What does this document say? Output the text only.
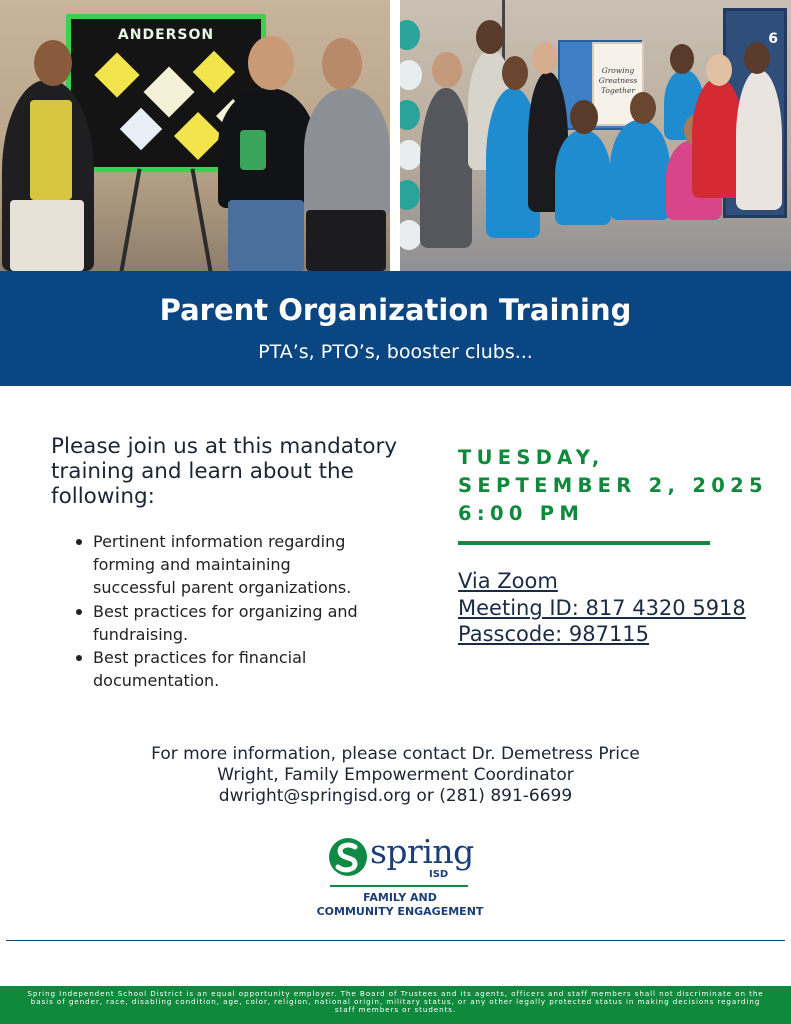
ANDERSON
Growing Greatness Together
6
Parent Organization Training
PTA’s, PTO’s, booster clubs...
Please join us at this mandatory training and learn about the following:
Pertinent information regarding forming and maintaining successful parent organizations.
Best practices for organizing and fundraising.
Best practices for financial documentation.
TUESDAY,
SEPTEMBER 2, 2025
6:00 PM
Via Zoom
Meeting ID: 817 4320 5918
Passcode: 987115
For more information, please contact Dr. Demetress Price
Wright, Family Empowerment Coordinator
dwright@springisd.org or (281) 891-6699
spring
ISD
FAMILY AND
COMMUNITY ENGAGEMENT
Spring Independent School District is an equal opportunity employer. The Board of Trustees and its agents, officers and staff members shall not discriminate on the basis of gender, race, disabling condition, age, color, religion, national origin, military status, or any other legally protected status in making decisions regarding staff members or students.
